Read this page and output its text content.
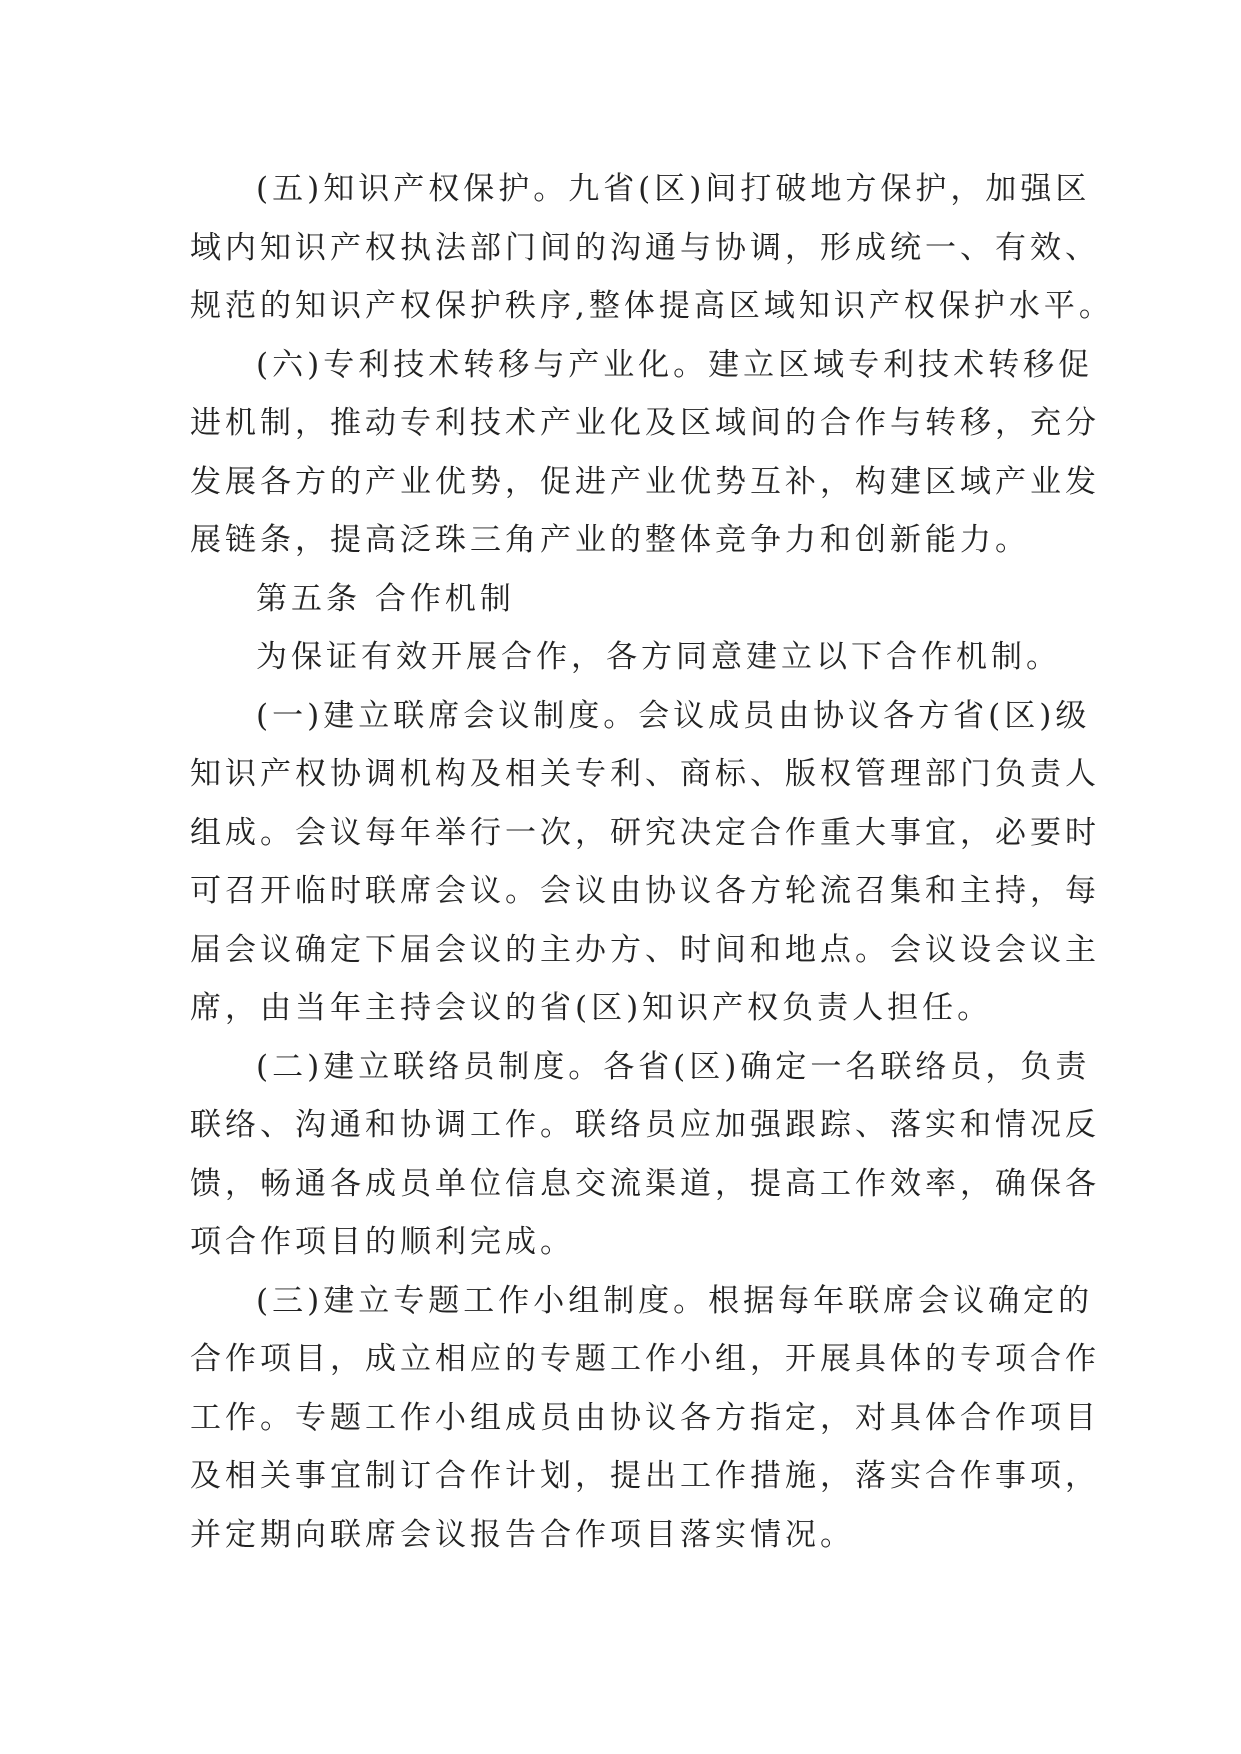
(五)知识产权保护。九省(区)间打破地方保护，加强区
域内知识产权执法部门间的沟通与协调，形成统一、有效、
规范的知识产权保护秩序,整体提高区域知识产权保护水平。
(六)专利技术转移与产业化。建立区域专利技术转移促
进机制，推动专利技术产业化及区域间的合作与转移，充分
发展各方的产业优势，促进产业优势互补，构建区域产业发
展链条，提高泛珠三角产业的整体竞争力和创新能力。
第五条 合作机制
为保证有效开展合作，各方同意建立以下合作机制。
(一)建立联席会议制度。会议成员由协议各方省(区)级
知识产权协调机构及相关专利、商标、版权管理部门负责人
组成。会议每年举行一次，研究决定合作重大事宜，必要时
可召开临时联席会议。会议由协议各方轮流召集和主持，每
届会议确定下届会议的主办方、时间和地点。会议设会议主
席，由当年主持会议的省(区)知识产权负责人担任。
(二)建立联络员制度。各省(区)确定一名联络员，负责
联络、沟通和协调工作。联络员应加强跟踪、落实和情况反
馈，畅通各成员单位信息交流渠道，提高工作效率，确保各
项合作项目的顺利完成。
(三)建立专题工作小组制度。根据每年联席会议确定的
合作项目，成立相应的专题工作小组，开展具体的专项合作
工作。专题工作小组成员由协议各方指定，对具体合作项目
及相关事宜制订合作计划，提出工作措施，落实合作事项，
并定期向联席会议报告合作项目落实情况。
